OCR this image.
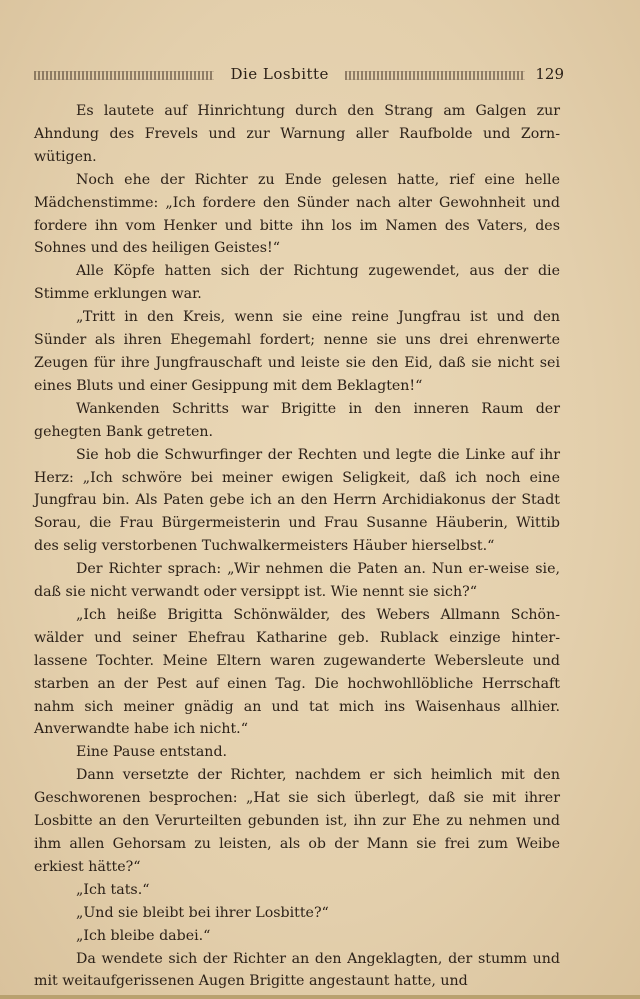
Die Losbitte	129

Es lautete auf Hinrichtung durch den Strang am Galgen zur Ahndung des Frevels und zur Warnung aller Raufbolde und Zorn-wütigen.

Noch ehe der Richter zu Ende gelesen hatte, rief eine helle Mädchenstimme: „Ich fordere den Sünder nach alter Gewohnheit und fordere ihn vom Henker und bitte ihn los im Namen des Vaters, des Sohnes und des heiligen Geistes!“

Alle Köpfe hatten sich der Richtung zugewendet, aus der die Stimme erklungen war.

„Tritt in den Kreis, wenn sie eine reine Jungfrau ist und den Sünder als ihren Ehegemahl fordert; nenne sie uns drei ehrenwerte Zeugen für ihre Jungfrauschaft und leiste sie den Eid, daß sie nicht sei eines Bluts und einer Gesippung mit dem Beklagten!“

Wankenden Schritts war Brigitte in den inneren Raum der gehegten Bank getreten.

Sie hob die Schwurfinger der Rechten und legte die Linke auf ihr Herz: „Ich schwöre bei meiner ewigen Seligkeit, daß ich noch eine Jungfrau bin. Als Paten gebe ich an den Herrn Archidiakonus der Stadt Sorau, die Frau Bürgermeisterin und Frau Susanne Häuberin, Wittib des selig verstorbenen Tuchwalkermeisters Häuber hierselbst.“

Der Richter sprach: „Wir nehmen die Paten an. Nun er-weise sie, daß sie nicht verwandt oder versippt ist. Wie nennt sie sich?“

„Ich heiße Brigitta Schönwälder, des Webers Allmann Schön-wälder und seiner Ehefrau Katharine geb. Rublack einzige hinter-lassene Tochter. Meine Eltern waren zugewanderte Webersleute und starben an der Pest auf einen Tag. Die hochwohllöbliche Herrschaft nahm sich meiner gnädig an und tat mich ins Waisenhaus allhier. Anverwandte habe ich nicht.“

Eine Pause entstand.

Dann versetzte der Richter, nachdem er sich heimlich mit den Geschworenen besprochen: „Hat sie sich überlegt, daß sie mit ihrer Losbitte an den Verurteilten gebunden ist, ihn zur Ehe zu nehmen und ihm allen Gehorsam zu leisten, als ob der Mann sie frei zum Weibe erkiest hätte?“

„Ich tats.“

„Und sie bleibt bei ihrer Losbitte?“

„Ich bleibe dabei.“

Da wendete sich der Richter an den Angeklagten, der stumm und mit weitaufgerissenen Augen Brigitte angestaunt hatte, und
